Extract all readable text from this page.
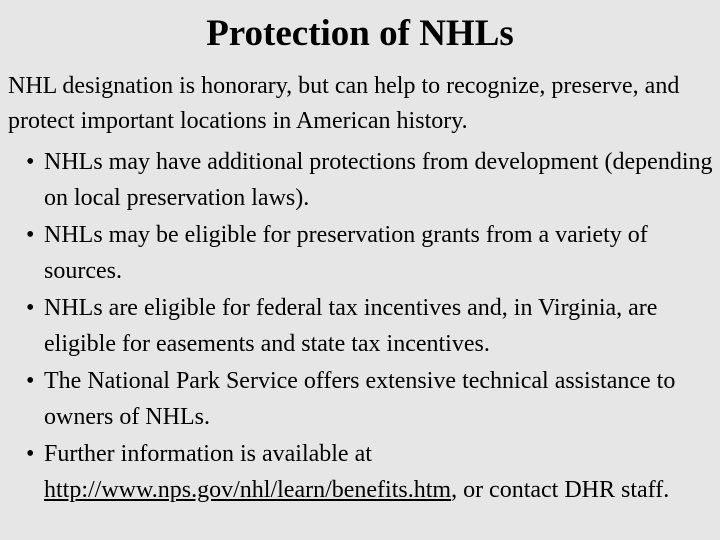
Protection of NHLs

NHL designation is honorary, but can help to recognize, preserve, and protect important locations in American history.

• NHLs may have additional protections from development (depending on local preservation laws).
• NHLs may be eligible for preservation grants from a variety of sources.
• NHLs are eligible for federal tax incentives and, in Virginia, are eligible for easements and state tax incentives.
• The National Park Service offers extensive technical assistance to owners of NHLs.
• Further information is available at http://www.nps.gov/nhl/learn/benefits.htm, or contact DHR staff.
